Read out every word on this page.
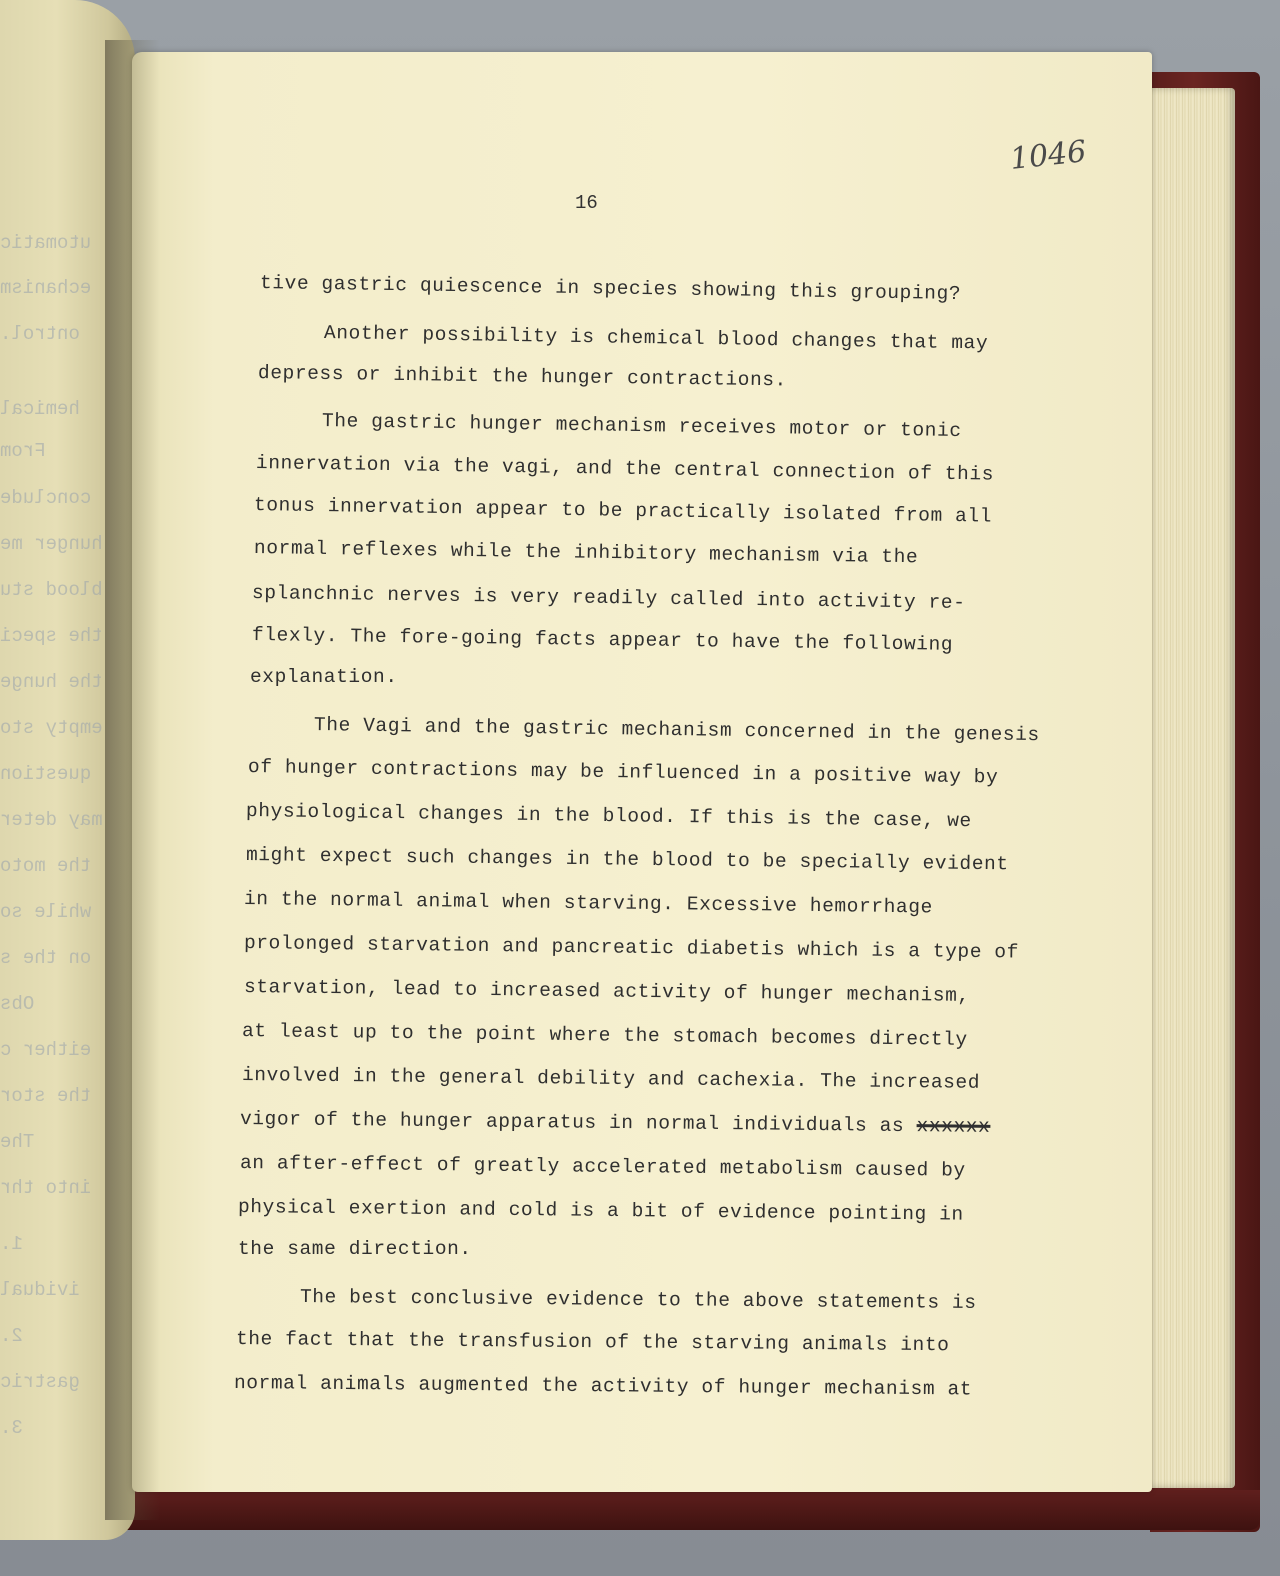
utomatic
echanism
ontrol.
hemical
From
conclude
hunger me
blood stu
the speci
the hunge
empty sto
question
may deter
the moto
while so
on the s
Obs
either c
the stor
The
into thr
1.
ividual
2.
gastric
3.
1046
16
tive gastric quiescence in species showing this grouping?
Another possibility is chemical blood changes that may
depress or inhibit the hunger contractions.
The gastric hunger mechanism receives motor or tonic
innervation via the vagi, and the central connection of this
tonus innervation appear to be practically isolated from all
normal reflexes while the inhibitory mechanism via the
splanchnic nerves is very readily called into activity re-
flexly. The fore-going facts appear to have the following
explanation.
The Vagi and the gastric mechanism concerned in the genesis
of hunger contractions may be influenced in a positive way by
physiological changes in the blood. If this is the case, we
might expect such changes in the blood to be specially evident
in the normal animal when starving. Excessive hemorrhage
prolonged starvation and pancreatic diabetis which is a type of
starvation, lead to increased activity of hunger mechanism,
at least up to the point where the stomach becomes directly
involved in the general debility and cachexia. The increased
vigor of the hunger apparatus in normal individuals as xxxxxx
an after-effect of greatly accelerated metabolism caused by
physical exertion and cold is a bit of evidence pointing in
the same direction.
The best conclusive evidence to the above statements is
the fact that the transfusion of the starving animals into
normal animals augmented the activity of hunger mechanism at
